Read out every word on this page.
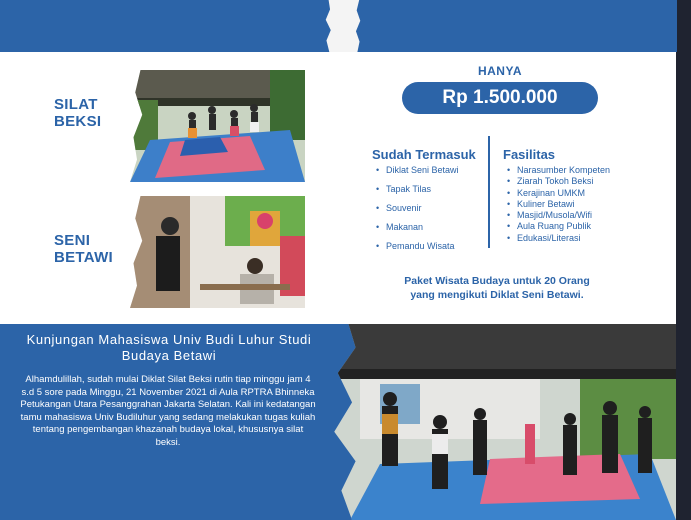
SILAT
BEKSI
SENI
BETAWI
HANYA
Rp 1.500.000
Sudah Termasuk Fasilitas
• Diklat Seni Betawi
• Tapak Tilas
• Souvenir
• Makanan
• Pemandu Wisata
• Narasumber Kompeten
• Ziarah Tokoh Beksi
• Kerajinan UMKM
• Kuliner Betawi
• Masjid/Musola/Wifi
• Aula Ruang Publik
• Edukasi/Literasi
Paket Wisata Budaya untuk 20 Orang
yang mengikuti Diklat Seni Betawi.
Kunjungan Mahasiswa Univ Budi Luhur Studi Budaya Betawi
Alhamdulillah, sudah mulai Diklat Silat Beksi rutin tiap minggu jam 4 s.d 5 sore pada Minggu, 21 November 2021 di Aula RPTRA Bhinneka Petukangan Utara Pesanggrahan Jakarta Selatan. Kali ini kedatangan tamu mahasiswa Univ Budiluhur yang sedang melakukan tugas kuliah tentang pengembangan khazanah budaya lokal, khususnya silat beksi.
